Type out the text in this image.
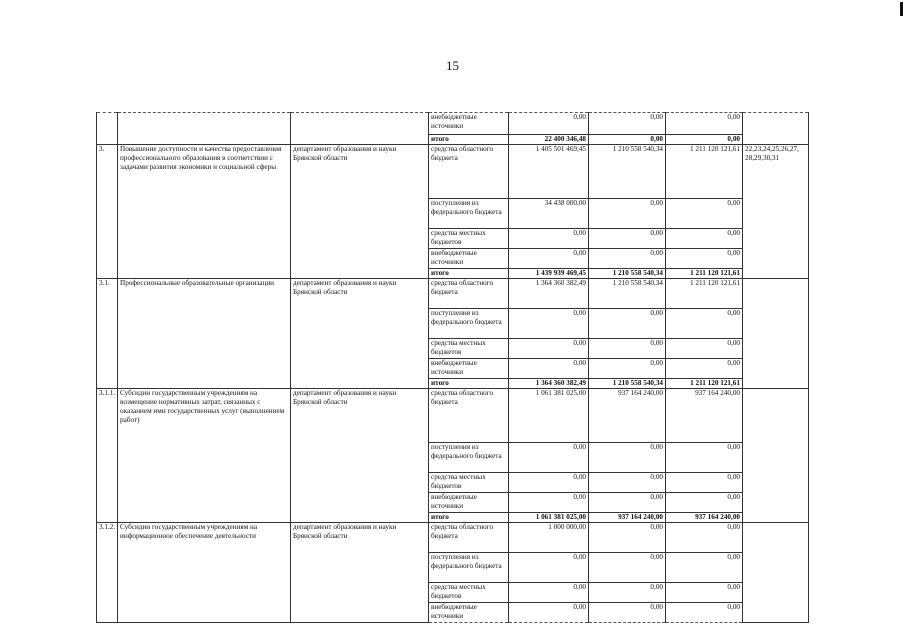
15
			внебюджетные источники	0,00	0,00	0,00	
			итого	22 400 346,48	0,00	0,00	
3.	Повышение доступности и качества предоставления профессионального образования в соответствии с задачами развития экономики и социальной сферы	департамент образования и науки Брянской области	средства областного бюджета	1 405 501 469,45	1 210 558 540,34	1 211 120 121,61	22,23,24,25,26,27, 28,29,30,31
			поступления из федерального бюджета	34 438 000,00	0,00	0,00	
			средства местных бюджетов	0,00	0,00	0,00	
			внебюджетные источники	0,00	0,00	0,00	
			итого	1 439 939 469,45	1 210 558 540,34	1 211 120 121,61	
3.1.	Профессиональные образовательные организации	департамент образования и науки Брянской области	средства областного бюджета	1 364 360 382,49	1 210 558 540,34	1 211 120 121,61	
			поступления из федерального бюджета	0,00	0,00	0,00	
			средства местных бюджетов	0,00	0,00	0,00	
			внебюджетные источники	0,00	0,00	0,00	
			итого	1 364 360 382,49	1 210 558 540,34	1 211 120 121,61	
3.1.1.	Субсидии государственным учреждениям на возмещение нормативных затрат, связанных с оказанием ими государственных услуг (выполнением работ)	департамент образования и науки Брянской области	средства областного бюджета	1 061 381 025,00	937 164 240,00	937 164 240,00	
			поступления из федерального бюджета	0,00	0,00	0,00	
			средства местных бюджетов	0,00	0,00	0,00	
			внебюджетные источники	0,00	0,00	0,00	
			итого	1 061 381 025,00	937 164 240,00	937 164 240,00	
3.1.2.	Субсидии государственным учреждениям на информационное обеспечение деятельности	департамент образования и науки Брянской области	средства областного бюджета	1 000 000,00	0,00	0,00	
			поступления из федерального бюджета	0,00	0,00	0,00	
			средства местных бюджетов	0,00	0,00	0,00	
			внебюджетные источники	0,00	0,00	0,00	
